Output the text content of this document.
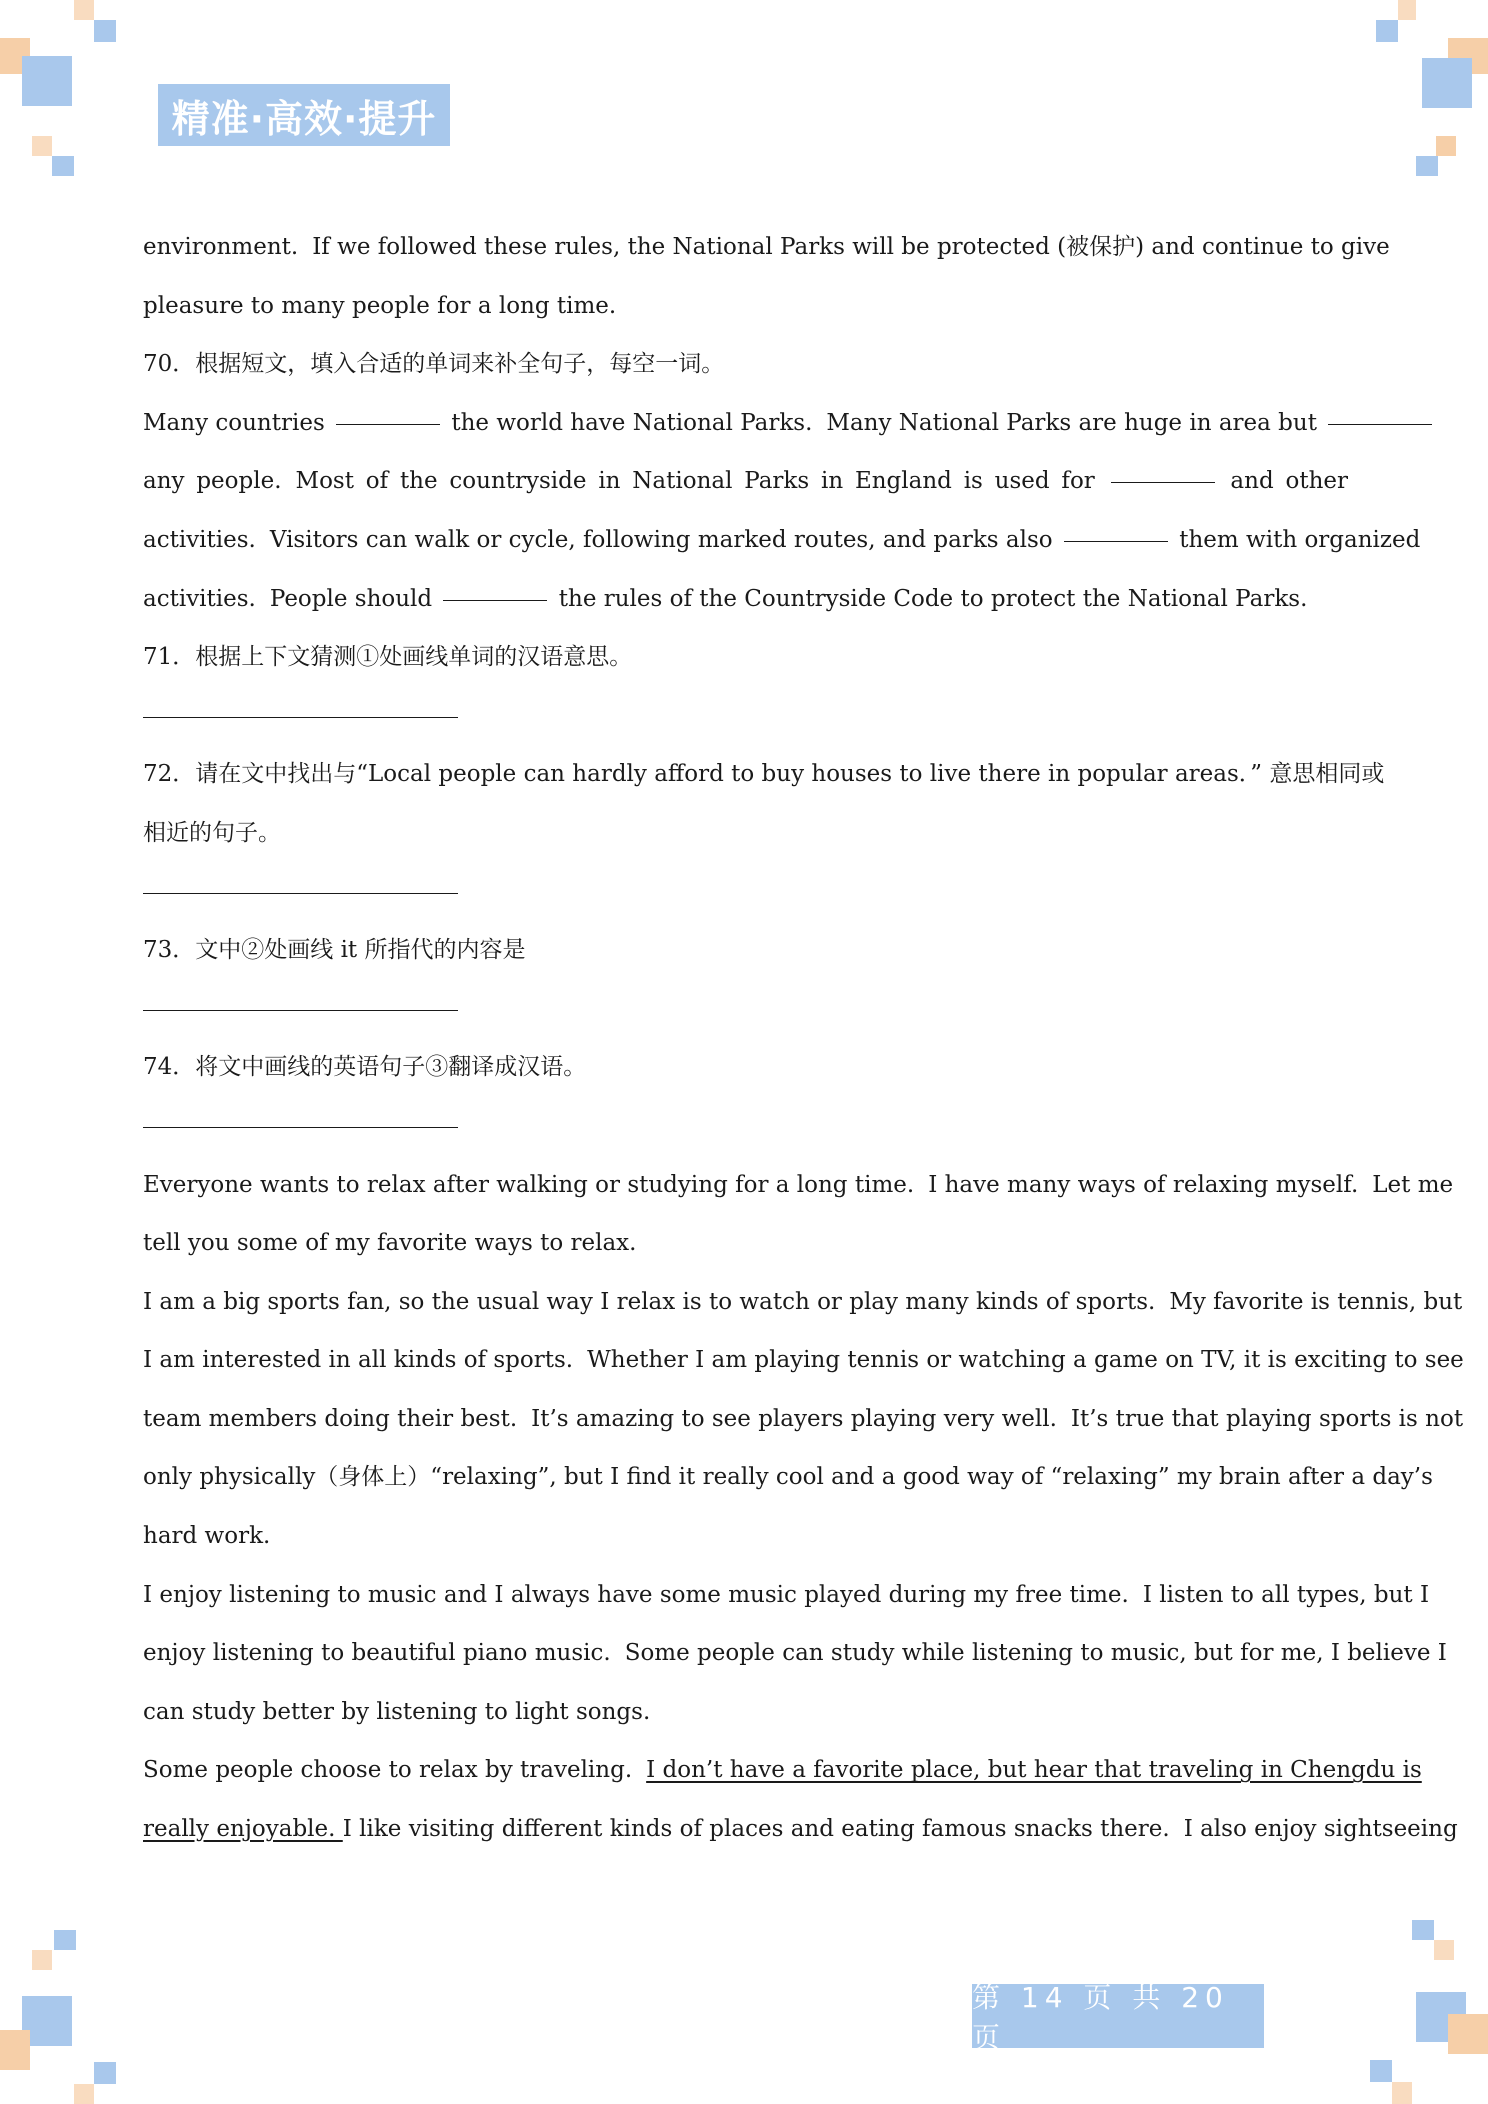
精准·高效·提升
environment. If we followed these rules, the National Parks will be protected (被保护) and continue to give
pleasure to many people for a long time.
70．根据短文，填入合适的单词来补全句子，每空一词。
Many countries	the world have National Parks. Many National Parks are huge in area but
any people. Most of the countryside in National Parks in England is used for	and other
activities. Visitors can walk or cycle, following marked routes, and parks also	them with organized
activities. People should	the rules of the Countryside Code to protect the National Parks.
71．根据上下文猜测①处画线单词的汉语意思。
72．请在文中找出与“Local people can hardly afford to buy houses to live there in popular areas．” 意思相同或
相近的句子。
73．文中②处画线 it 所指代的内容是
74．将文中画线的英语句子③翻译成汉语。
Everyone wants to relax after walking or studying for a long time. I have many ways of relaxing myself. Let me
tell you some of my favorite ways to relax.
I am a big sports fan, so the usual way I relax is to watch or play many kinds of sports. My favorite is tennis, but
I am interested in all kinds of sports. Whether I am playing tennis or watching a game on TV, it is exciting to see
team members doing their best. It’s amazing to see players playing very well. It’s true that playing sports is not
only physically（身体上）“relaxing”, but I find it really cool and a good way of “relaxing” my brain after a day’s
hard work.
I enjoy listening to music and I always have some music played during my free time. I listen to all types, but I
enjoy listening to beautiful piano music. Some people can study while listening to music, but for me, I believe I
can study better by listening to light songs.
Some people choose to relax by traveling. I don’t have a favorite place, but hear that traveling in Chengdu is
really enjoyable. I like visiting different kinds of places and eating famous snacks there. I also enjoy sightseeing
第 14 页 共 20 页
